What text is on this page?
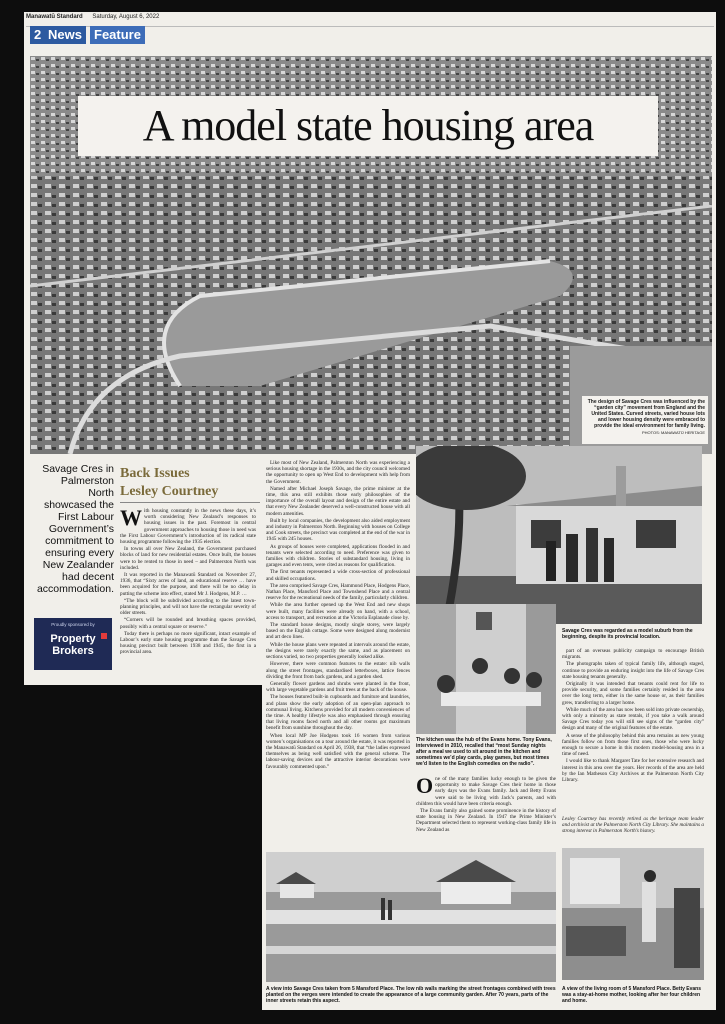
Manawatū Standard Saturday, August 6, 2022
2 News Feature
A model state housing area
The design of Savage Cres was influenced by the “garden city” movement from England and the United States. Curved streets, varied house lots and lower housing density were embraced to provide the ideal environment for family living.
PHOTOS: MANAWATŪ HERITAGE
Savage Cres in Palmerston North showcased the First Labour Government’s commitment to ensuring every New Zealander had decent accommodation.
Back Issues
Lesley Courtney
Proudly sponsored by
Property
Brokers

With housing constantly in the news these days, it’s worth considering New Zealand’s responses to housing issues in the past. Foremost in central government approaches to housing those in need was the First Labour Government’s introduction of its radical state housing programme following the 1935 election.

In towns all over New Zealand, the Government purchased blocks of land for new residential estates. Once built, the houses were to be rented to those in need – and Palmerston North was included.

It was reported in the Manawatū Standard on November 27, 1936, that “Sixty acres of land, an educational reserve … have been acquired for the purpose, and there will be no delay in putting the scheme into effect, stated Mr J. Hodgens, M.P. …

“The block will be subdivided according to the latest town-planning principles, and will not have the rectangular severity of older streets.

“Corners will be rounded and breathing spaces provided, possibly with a central square or reserve.”

Today there is perhaps no more significant, intact example of Labour’s early state housing programme than the Savage Cres housing precinct built between 1938 and 1945, the first in a provincial area.

Like most of New Zealand, Palmerston North was experiencing a serious housing shortage in the 1930s, and the city council welcomed the opportunity to open up West End to development with help from the Government.

Named after Michael Joseph Savage, the prime minister at the time, this area still exhibits those early philosophies of the importance of the overall layout and design of the entire estate and that every New Zealander deserved a well-constructed house with all modern amenities.

Built by local companies, the development also aided employment and industry in Palmerston North. Beginning with houses on College and Cook streets, the precinct was completed at the end of the war in 1945 with 245 houses.

As groups of houses were completed, applications flooded in and tenants were selected according to need. Preference was given to families with children. Stories of substandard housing, living in garages and even tents, were cited as reasons for qualification.

The first tenants represented a wide cross-section of professional and skilled occupations.

The area comprised Savage Cres, Hammond Place, Hodgens Place, Nathan Place, Mansford Place and Townshend Place and a central reserve for the recreational needs of the family, particularly children.

While the area further opened up the West End and new shops were built, many facilities were already on hand, with a school, access to transport, and recreation at the Victoria Esplanade close by.

The standard house designs, mostly single storey, were largely based on the English cottage. Some were designed along modernist and art deco lines.

While the house plans were repeated at intervals around the estate, the designs were rarely exactly the same, and as placement on sections varied, no two properties generally looked alike.

However, there were common features to the estate: nib walls along the street frontages, standardised letterboxes, lattice fences dividing the front from back gardens, and a garden shed.

Generally flower gardens and shrubs were planted in the front, with large vegetable gardens and fruit trees at the back of the house.

The houses featured built-in cupboards and furniture and laundries, and plans show the early adoption of an open-plan approach to communal living. Kitchens provided for all modern conveniences of the time. A healthy lifestyle was also emphasised through ensuring that living rooms faced north and all other rooms got maximum benefit from sunshine throughout the day.

When local MP Joe Hodgens took 16 women from various women’s organisations on a tour around the estate, it was reported in the Manawatū Standard on April 26, 1938, that “the ladies expressed themselves as being well satisfied with the general scheme. The labour-saving devices and the attractive interior decorations were favourably commented upon.”

The kitchen was the hub of the Evans home. Tony Evans, interviewed in 2010, recalled that “most Sunday nights after a meal we used to sit around in the kitchen and sometimes we’d play cards, play games, but most times we’d listen to the English comedies on the radio”.
Savage Cres was regarded as a model suburb from the beginning, despite its provincial location.

One of the many families lucky enough to be given the opportunity to make Savage Cres their home in those early days was the Evans family. Jack and Betty Evans were said to be living with Jack’s parents, and with children this would have been criteria enough.

The Evans family also gained some prominence in the history of state housing in New Zealand. In 1947 the Prime Minister’s Department selected them to represent working-class family life in New Zealand as

part of an overseas publicity campaign to encourage British migrants.

The photographs taken of typical family life, although staged, continue to provide an enduring insight into the life of Savage Cres state housing tenants generally.

Originally it was intended that tenants could rent for life to provide security, and some families certainly resided in the area over the long term, either in the same house or, as their families grew, transferring to a larger home.

While much of the area has now been sold into private ownership, with only a minority as state rentals, if you take a walk around Savage Cres today you will still see signs of the “garden city” design and many of the original features of the estate.

A sense of the philosophy behind this area remains as new young families follow on from those first ones, those who were lucky enough to secure a home in this modern model-housing area in a time of need.

I would like to thank Margaret Tate for her extensive research and interest in this area over the years. Her records of the area are held by the Ian Matheson City Archives at the Palmerston North City Library.

Lesley Courtney has recently retired as the heritage team leader and archivist at the Palmerston North City Library. She maintains a strong interest in Palmerston North’s history.
A view into Savage Cres taken from 5 Mansford Place. The low nib walls marking the street frontages combined with trees planted on the verges were intended to create the appearance of a large community garden. After 70 years, parts of the inner streets retain this aspect.
A view of the living room of 5 Mansford Place. Betty Evans was a stay-at-home mother, looking after her four children and home.
